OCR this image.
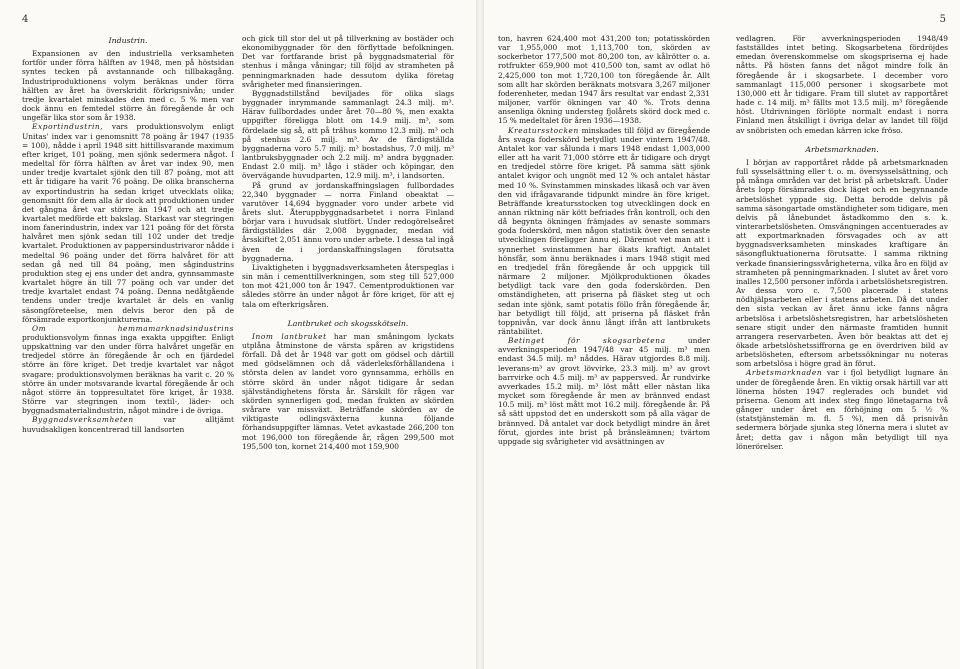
4

Industrin.

Expansionen av den industriella verksamheten fortför under förra hälften av 1948, men på höstsidan syntes tecken på avstannande och tillbakagång. Industriproduktionens volym beräknas under förra hälften av året ha överskridit förkrigsnivån; under tredje kvartalet minskades den med c. 5 % men var dock ännu en femtedel större än föregående år och ungefär lika stor som år 1938.

Exportindustrin, vars produktionsvolym enligt Unitas' index var i genomsnitt 78 poäng år 1947 (1935 = 100), nådde i april 1948 sitt hittillsvarande maximum efter kriget, 101 poäng, men sjönk sedermera något. I medeltal för förra hälften av året var index 90, men under tredje kvartalet sjönk den till 87 poäng, mot att ett år tidigare ha varit 76 poäng. De olika branscherna av exportindustrin ha sedan kriget utvecklats olika; genomsnitt för dem alla är dock att produktionen under det gångna året var större än 1947 och att tredje kvartalet medförde ett bakslag. Starkast var stegringen inom fanerindustrin, index var 121 poäng för det första halvåret men sjönk sedan till 102 under det tredje kvartalet. Produktionen av pappersindustrivaror nådde i medeltal 96 poäng under det förra halvåret för att sedan gå ned till 84 poäng, men sågindustrins produktion steg ej ens under det andra, gynnsammaste kvartalet högre än till 77 poäng och var under det tredje kvartalet endast 74 poäng. Denna nedåtgående tendens under tredje kvartalet är dels en vanlig säsongföreteelse, men delvis beror den på de försämrade exportkonjunkturerna.

Om hemmamarknadsindustrins produktionsvolym finnas inga exakta uppgifter. Enligt uppskattning var den under förra halvåret ungefär en tredjedel större än föregående år och en fjärdedel större än före kriget. Det tredje kvartalet var något svagare: produktionsvolymen beräknas ha varit c. 20 % större än under motsvarande kvartal föregående år och något större än toppresultatet före kriget, år 1938. Större var stegringen inom textil-, läder- och byggnadsmaterialindustrin, något mindre i de övriga.

Byggnadsverksamheten var alltjämt huvudsakligen koncentrerad till landsorten

och gick till stor del ut på tillverkning av bostäder och ekonomibyggnader för den förflyttade befolkningen. Det var fortfarande brist på byggnadsmaterial för stenhus i många våningar; till följd av stramheten på penningmarknaden hade dessutom dylika företag svårigheter med finansieringen.

Byggnadstillstånd beviljades för olika slags byggnader inrymmande sammanlagt 24.3 milj. m³. Härav fullbordades under året 70—80 %, men exakta uppgifter föreligga blott om 14.9 milj. m³, som fördelade sig så, att på trähus kommo 12.3 milj. m³ och på stenhus 2.6 milj. m³. Av de färdigställda byggnaderna voro 5.7 milj. m³ bostadshus, 7.0 milj. m³ lantbruksbyggnader och 2.2 milj. m³ andra byggnader. Endast 2.0 milj. m³ lågo i städer och köpingar, den övervägande huvudparten, 12.9 milj. m³, i landsorten.

På grund av jordanskaffningslagen fullbordades 22,340 byggnader — norra Finland obeaktat — varutöver 14,694 byggnader voro under arbete vid årets slut. Återuppbyggnadsarbetet i norra Finland börjar vara i huvudsak slutfört. Under redogörelseåret färdigställdes där 2,008 byggnader, medan vid årsskiftet 2,051 ännu voro under arbete. I dessa tal ingå även de i jordanskaffningslagen förutsatta byggnaderna.

Livaktigheten i byggnadsverksamheten återspeglas i sin män i cementtillverkningen, som steg till 527,000 ton mot 421,000 ton år 1947. Cementproduktionen var således större än under något år före kriget, för att ej tala om efterkrigsåren.

Lantbruket och skogsskötseln.

Inom lantbruket har man småningom lyckats utplåna åtminstone de värsta spåren av krigstidens förfall. Då det år 1948 var gott om gödsel och därtill med gödselämnen och då väderleksförhållandena i största delen av landet voro gynnsamma, erhölls en större skörd än under något tidigare år sedan självständighetens första år. Särskilt för rågen var skörden synnerligen god, medan frukten av skörden svårare var missväxt. Beträffande skörden av de viktigaste odlingsväxterna kunna följande förhandsuppgifter lämnas. Vetet avkastade 266,200 ton mot 196,000 ton föregående år, rågen 299,500 mot 195,500 ton, kornet 214,400 mot 159,900

5

ton, havren 624,400 mot 431,200 ton; potatisskörden var 1,955,000 mot 1,113,700 ton, skörden av sockerbetor 177,500 mot 80,200 ton, av kålrötter o. a. rotfrukter 659,900 mot 410,500 ton, samt av odlat hö 2,425,000 ton mot 1,720,100 ton föregående år. Allt som allt har skörden beräknats motsvara 3,267 miljoner foderenheter, medan 1947 års resultat var endast 2,331 miljoner, varför ökningen var 40 %. Trots denna ansenliga ökning understeg fjolårets skörd dock med c. 15 % medeltalet för åren 1936—1938.

Kreatursstocken minskades till följd av föregående års svaga foderskörd betydligt under vintern 1947/48. Antalet kor var sålunda i mars 1948 endast 1,003,000 eller att ha varit 71,000 större ett år tidigare och drygt en tredjedel större före kriget. På samma sätt sjönk antalet kvigor och ungnöt med 12 % och antalet hästar med 10 %. Svinstammen minskades likaså och var även den vid ifrågavarande tidpunkt mindre än före kriget. Beträffande kreatursstocken tog utvecklingen dock en annan riktning när kött befriades från kontroll, och den då begynta ökningen främjades av senaste sommars goda foderskörd, men någon statistik över den senaste utvecklingen föreligger ännu ej. Däremot vet man att i synnerhet svinstammen har ökats kraftigt. Antalet hönsfår, som ännu beräknades i mars 1948 stigit med en tredjedel från föregående år och uppgick till närmare 2 miljoner. Mjölkproduktionen ökades betydligt tack vare den goda foderskörden. Den omständigheten, att priserna på fläsket steg ut och sedan inte sjönk, samt potatis föllo från föregående år, har betydligt till följd, att priserna på fläsket från toppnivån, var dock ännu långt ifrån att lantbrukets räntabilitet.

Betinget för skogsarbetena under avverkningsperioden 1947/48 var 45 milj. m³ men endast 34.5 milj. m³ nåddes. Härav utgjordes 8.8 milj. leverans-m³ av grovt lövvirke, 23.3 milj. m³ av grovt barrvirke och 4.5 milj. m³ av pappersved. År rundvirke avverkades 15.2 milj. m³ löst mått eller nästan lika mycket som föregående år men av brännved endast 10.5 milj. m³ löst mått mot 16.2 milj. föregående år. På så sätt uppstod det en underskott som på alla vägar de brännved. Då antalet var dock betydligt mindre än året förut, gjordes inte brist på bränsleämnen; tvärtom uppgade sig svårigheter vid avsättningen av

vedlagren. För avverkningsperioden 1948/49 fastställdes intet beting. Skogsarbetena fördröjdes emedan överenskommelse om skogspriserna ej hade nåtts. På hösten fanns det något mindre folk än föregående år i skogsarbete. I december voro sammanlagt 115,000 personer i skogsarbete mot 130,000 ett år tidigare. Fram till slutet av rapportåret hade c. 14 milj. m³ fällts mot 13.5 milj. m³ föregående höst. Utdrivningen förlöpte normalt endast i norra Finland men åtskilligt i övriga delar av landet till följd av snöbristen och emedan kärren icke fröso.

Arbetsmarknaden.

I början av rapportåret rådde på arbetsmarknaden full sysselsättning eller t. o. m. översysselsättning, och på många områden var det brist på arbetskraft. Under årets lopp försämrades dock läget och en begynnande arbetslöshet yppade sig. Detta berodde delvis på samma säsongartade omständigheter som tidigare, men delvis på lånebundet åstadkommo den s. k. vinterarbetslösheten. Omsvängningen accentuerades av att exportmarknaden försvagades och av att byggnadsverksamheten minskades kraftigare än säsongfluktuationerna förutsatte. I samma riktning verkade finansieringssvårigheterna, vilka åro en följd av stramheten på penningmarknaden. I slutet av året voro inalles 12,500 personer införda i arbetslöshetsregistren. Av dessa voro c. 7,500 placerade i statens nödhjälpsarbeten eller i statens arbeten. Då det under den sista veckan av året ännu icke fanns några arbetslösa i arbetslöshetsregistren, har arbetslösheten senare stigit under den närmaste framtiden hunnit arrangera reservarbeten. Även bör beaktas att det ej ökade arbetslöshetssiffrorna ge en överdriven bild av arbetslösheten, eftersom arbetssökningar nu noteras som arbetslösa i högre grad än förut.

Arbetsmarknaden var i fjol betydligt lugnare än under de föregående åren. En viktig orsak härtill var att lönerna hösten 1947 reglerades och bundet vid priserna. Genom att index steg fingo lönetagarna två gånger under året en förhöjning om 5 ½ % (statstjänstemän m. fl. 5 %), men då prisnivån sedermera började sjunka steg lönerna mera i slutet av året; detta gav i någon mån betydligt till nya lönerörelser.
